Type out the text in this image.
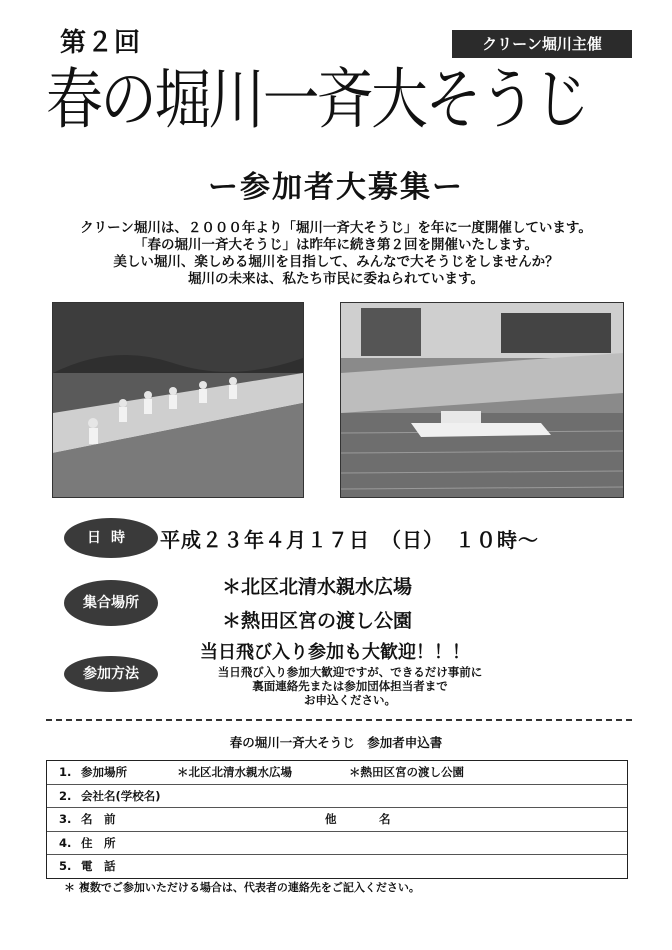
第２回	クリーン堀川主催
春の堀川一斉大そうじ
ー参加者大募集ー
クリーン堀川は、２０００年より「堀川一斉大そうじ」を年に一度開催しています。
「春の堀川一斉大そうじ」は昨年に続き第２回を開催いたします。
美しい堀川、楽しめる堀川を目指して、みんなで大そうじをしませんか？
堀川の未来は、私たち市民に委ねられています。
日時	平成２３年４月１７日　（日）　１０時～
集合場所
＊北区北清水親水広場
＊熱田区宮の渡し公園
当日飛び入り参加も大歓迎！！！
参加方法	当日飛び入り参加大歓迎ですが、できるだけ事前に
裏面連絡先または参加団体担当者まで
お申込ください。
春の堀川一斉大そうじ　参加者申込書
1. 参加場所	＊北区北清水親水広場	＊熱田区宮の渡し公園
2. 会社名(学校名)
3. 名　前	他	名
4. 住　所
5. 電　話
＊ 複数でご参加いただける場合は、代表者の連絡先をご記入ください。
